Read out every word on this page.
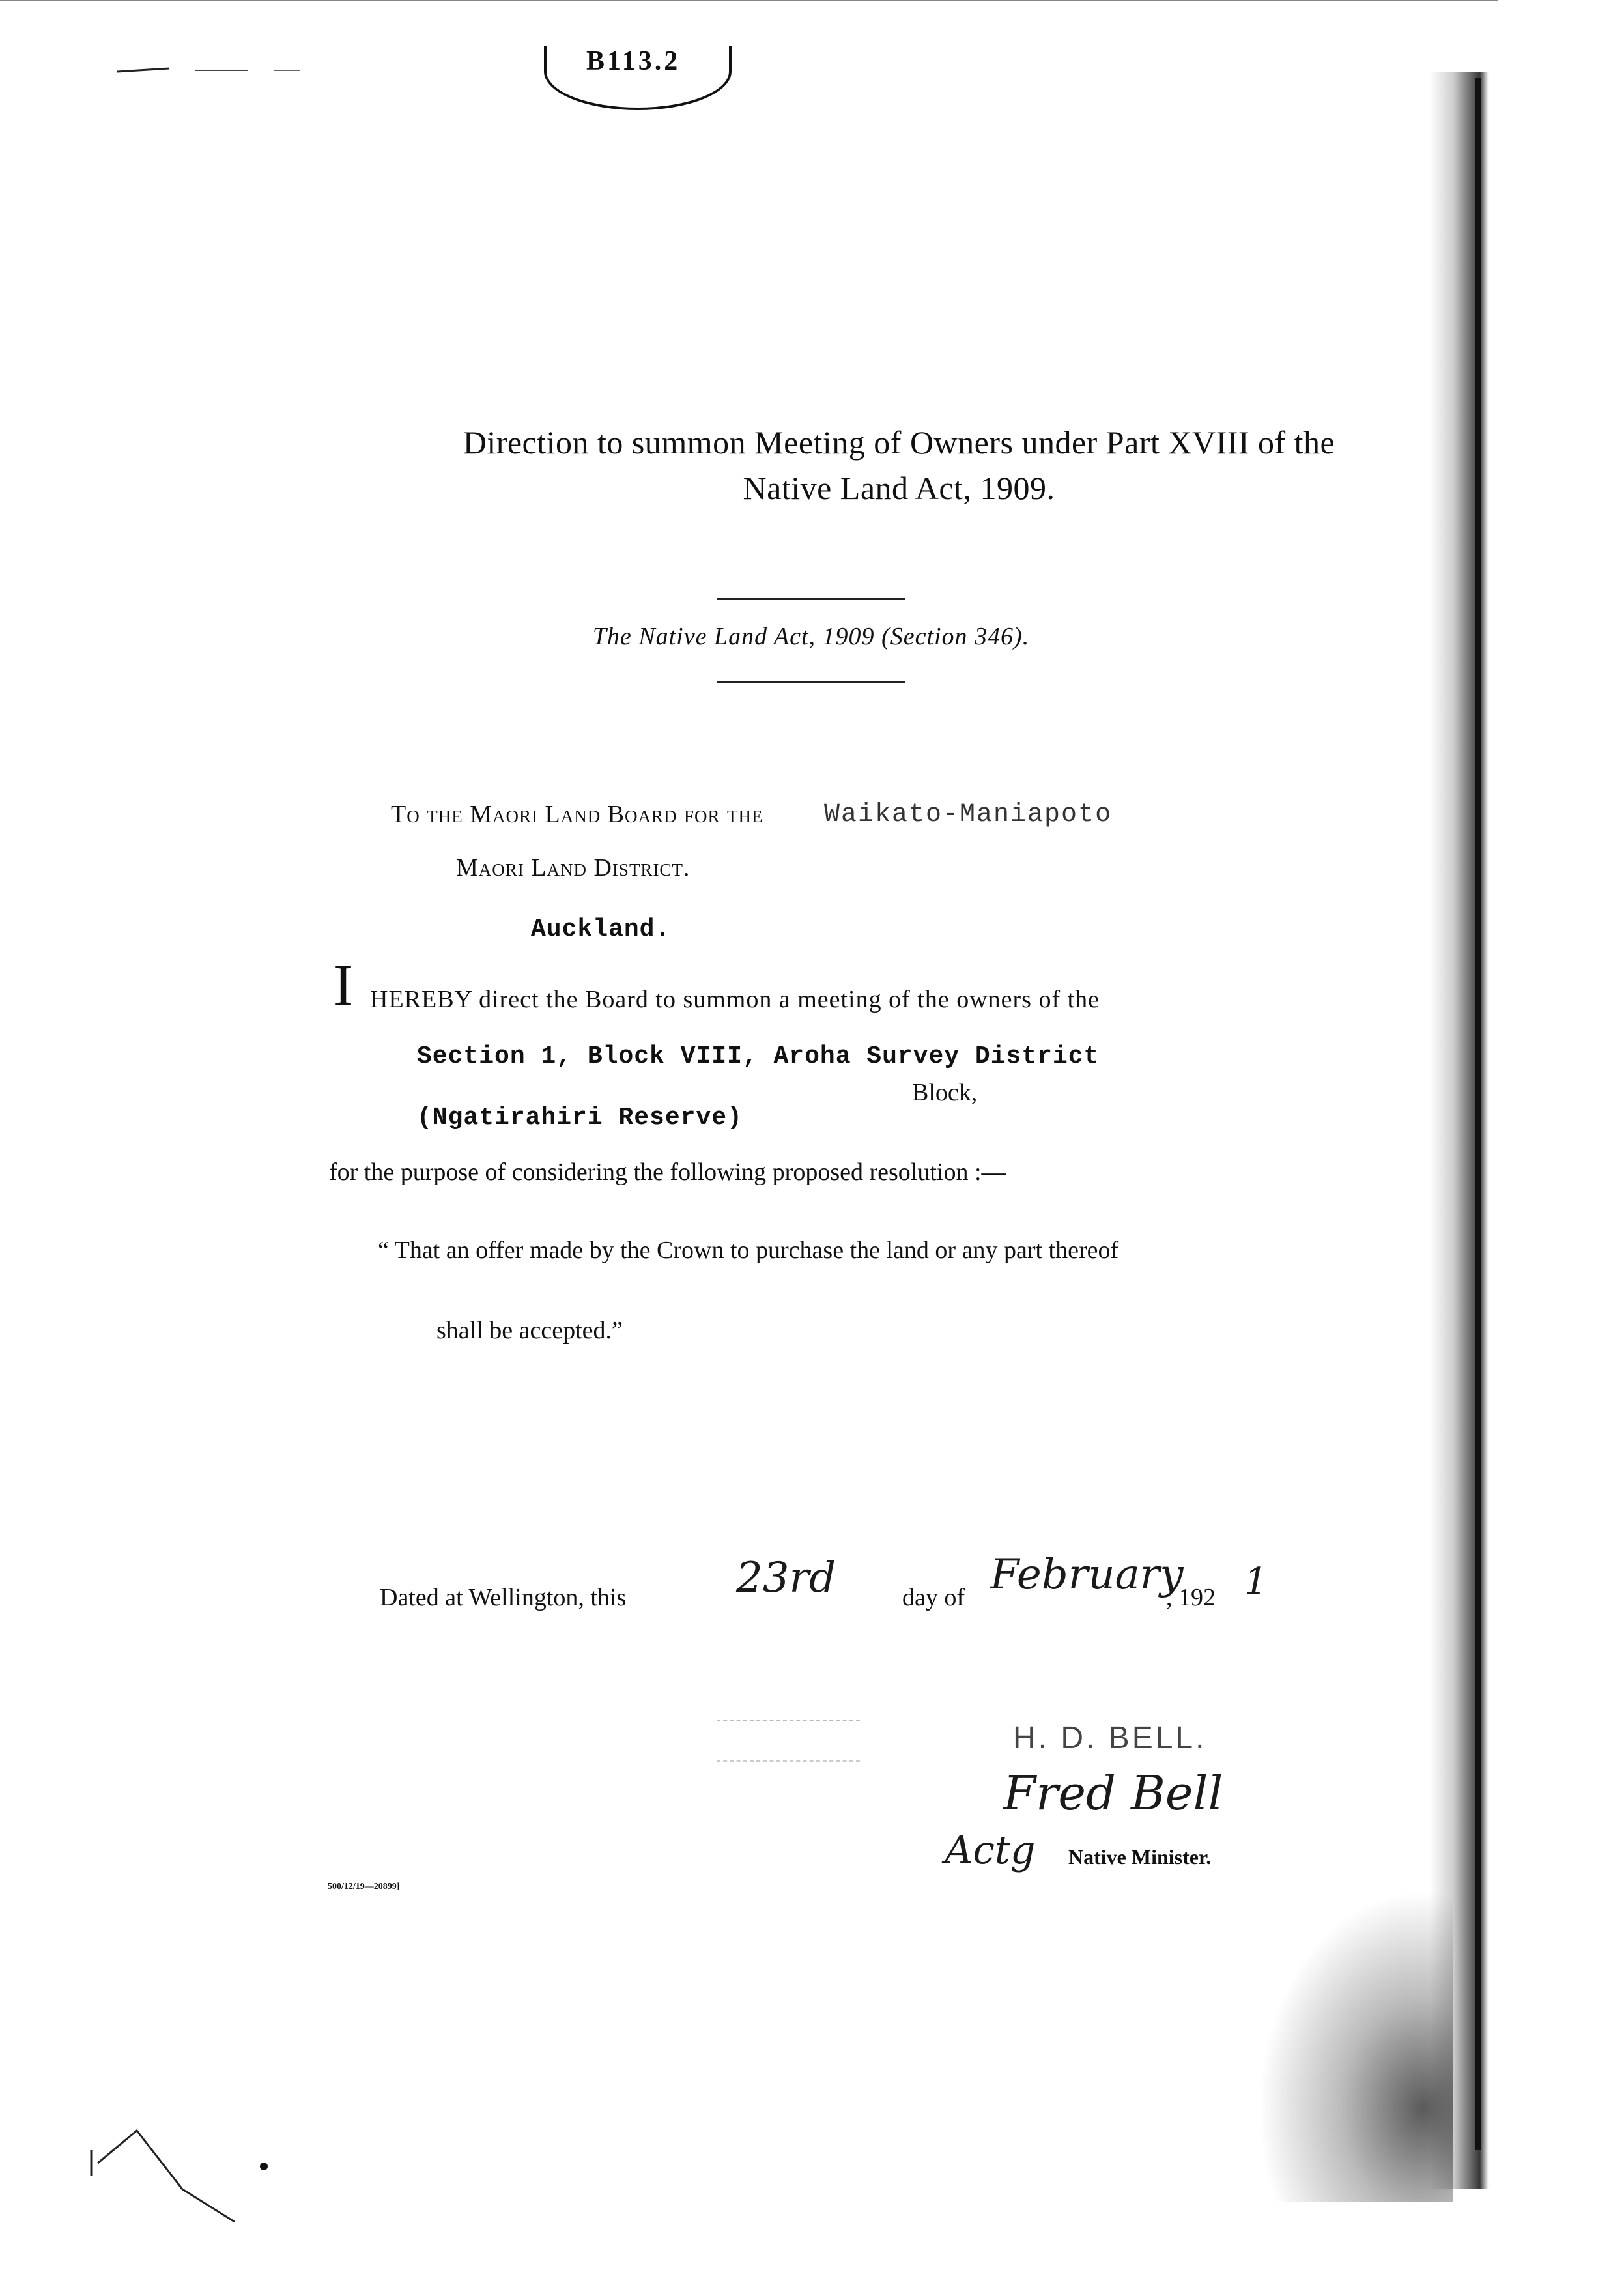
B113.2
Direction to summon Meeting of Owners under Part XVIII of the
Native Land Act, 1909.
The Native Land Act, 1909 (Section 346).
To the Maori Land Board for the Waikato-Maniapoto
Maori Land District.
Auckland.
I HEREBY direct the Board to summon a meeting of the owners of the
Section 1, Block VIII, Aroha Survey District
Block,
(Ngatirahiri Reserve)
for the purpose of considering the following proposed resolution :—
“ That an offer made by the Crown to purchase the land or any part thereof
shall be accepted.”
Dated at Wellington, this	23rd	day of February
, 192 1
H. D. BELL.
Fred Bell
Actg Native Minister.
500/12/19—20899]
